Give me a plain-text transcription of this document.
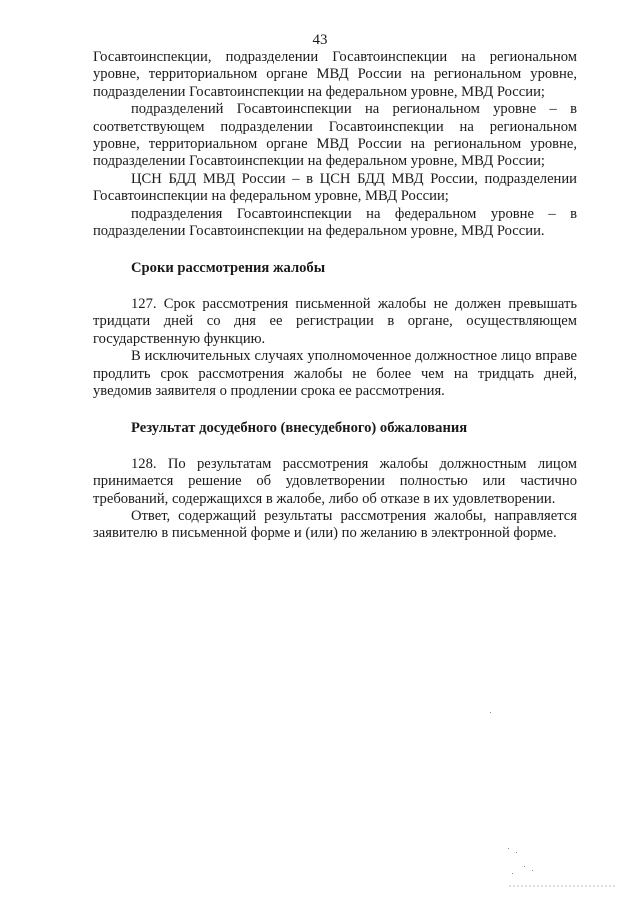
43

Госавтоинспекции, подразделении Госавтоинспекции на региональном уровне, территориальном органе МВД России на региональном уровне, подразделении Госавтоинспекции на федеральном уровне, МВД России;

подразделений Госавтоинспекции на региональном уровне – в соответствующем подразделении Госавтоинспекции на региональном уровне, территориальном органе МВД России на региональном уровне, подразделении Госавтоинспекции на федеральном уровне, МВД России;

ЦСН БДД МВД России – в ЦСН БДД МВД России, подразделении Госавтоинспекции на федеральном уровне, МВД России;

подразделения Госавтоинспекции на федеральном уровне – в подразделении Госавтоинспекции на федеральном уровне, МВД России.

Сроки рассмотрения жалобы

127. Срок рассмотрения письменной жалобы не должен превышать тридцати дней со дня ее регистрации в органе, осуществляющем государственную функцию.

В исключительных случаях уполномоченное должностное лицо вправе продлить срок рассмотрения жалобы не более чем на тридцать дней, уведомив заявителя о продлении срока ее рассмотрения.

Результат досудебного (внесудебного) обжалования

128. По результатам рассмотрения жалобы должностным лицом принимается решение об удовлетворении полностью или частично требований, содержащихся в жалобе, либо об отказе в их удовлетворении.

Ответ, содержащий результаты рассмотрения жалобы, направляется заявителю в письменной форме и (или) по желанию в электронной форме.
